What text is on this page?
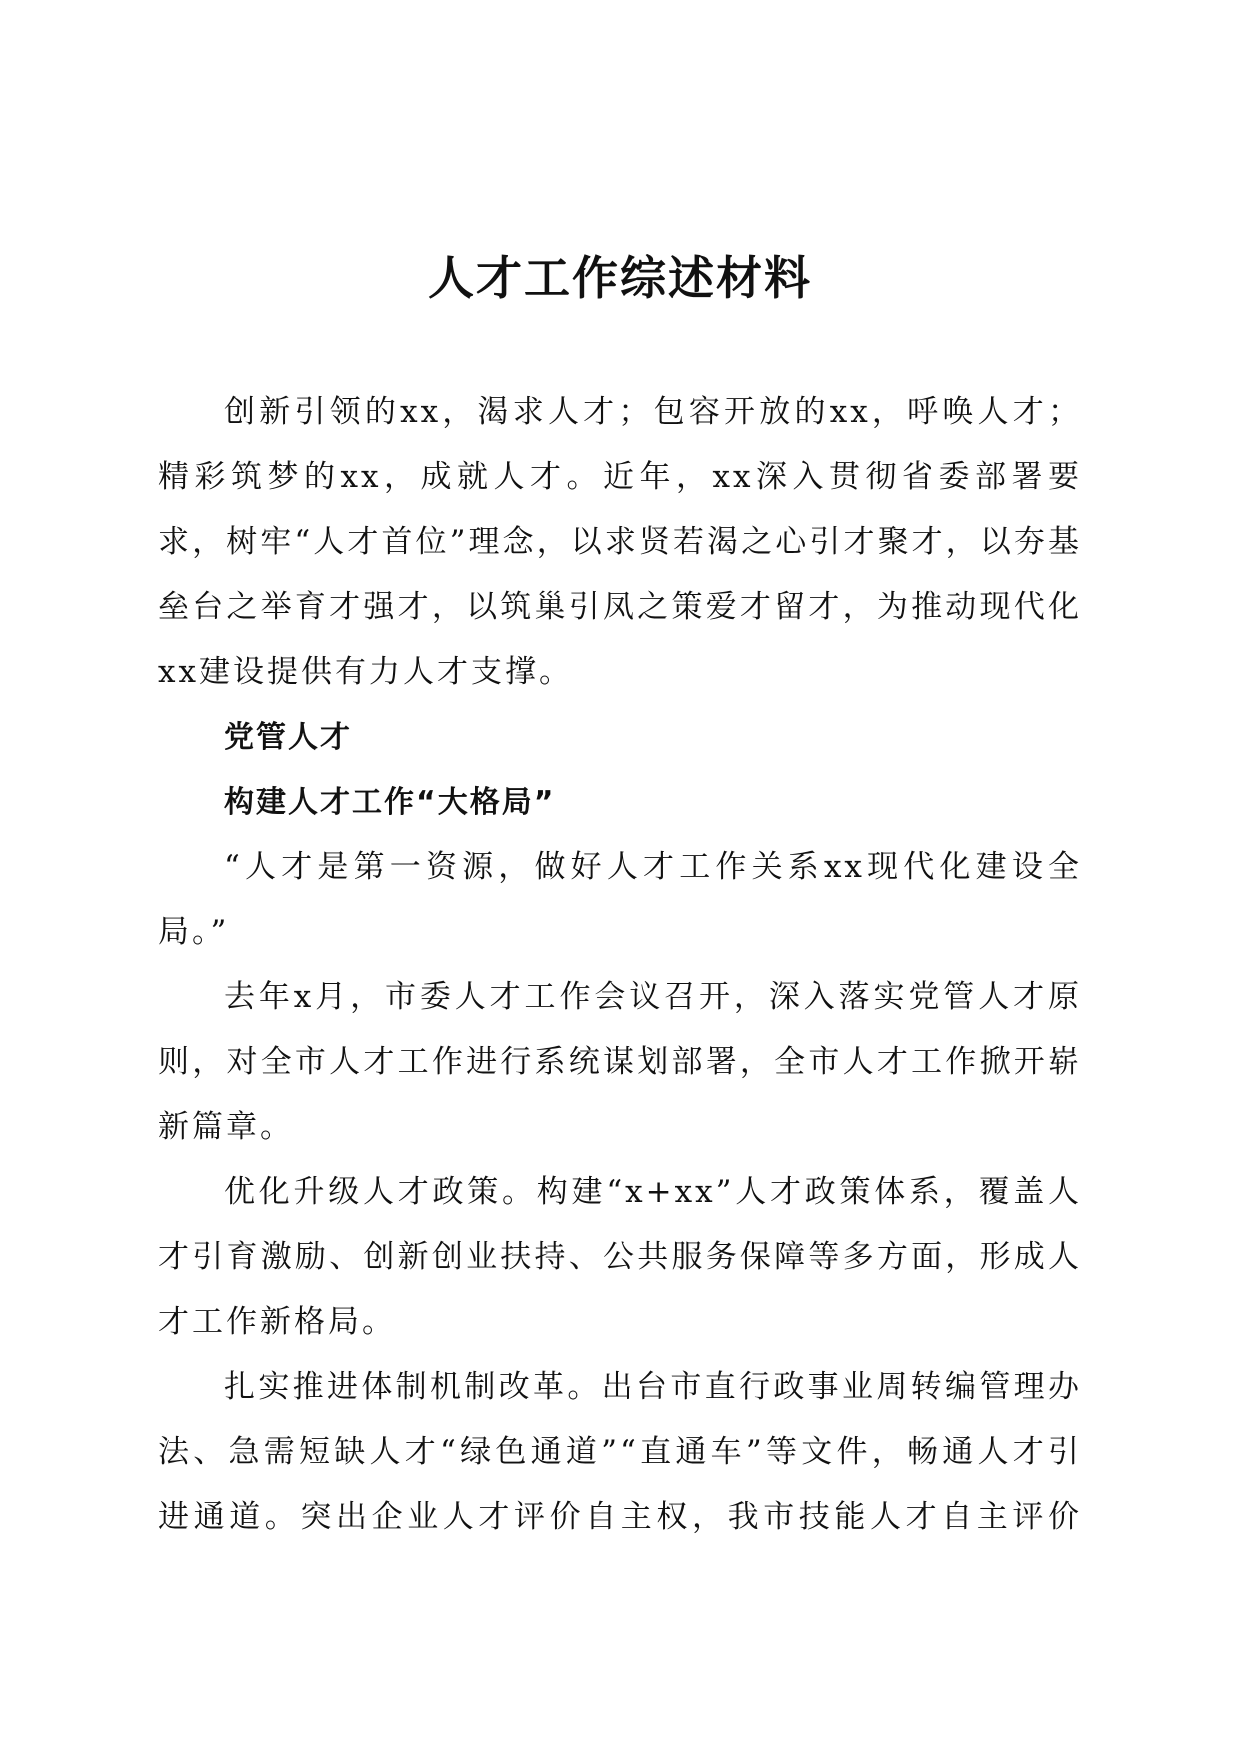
人才工作综述材料

创新引领的xx，渴求人才；包容开放的xx，呼唤人才；精彩筑梦的xx，成就人才。近年，xx深入贯彻省委部署要求，树牢“人才首位”理念，以求贤若渴之心引才聚才，以夯基垒台之举育才强才，以筑巢引凤之策爱才留才，为推动现代化xx建设提供有力人才支撑。

党管人才
构建人才工作“大格局”

“人才是第一资源，做好人才工作关系xx现代化建设全局。”

去年x月，市委人才工作会议召开，深入落实党管人才原则，对全市人才工作进行系统谋划部署，全市人才工作掀开崭新篇章。

优化升级人才政策。构建“x+xx”人才政策体系，覆盖人才引育激励、创新创业扶持、公共服务保障等多方面，形成人才工作新格局。

扎实推进体制机制改革。出台市直行政事业周转编管理办法、急需短缺人才“绿色通道”“直通车”等文件，畅通人才引进通道。突出企业人才评价自主权，我市技能人才自主评价
